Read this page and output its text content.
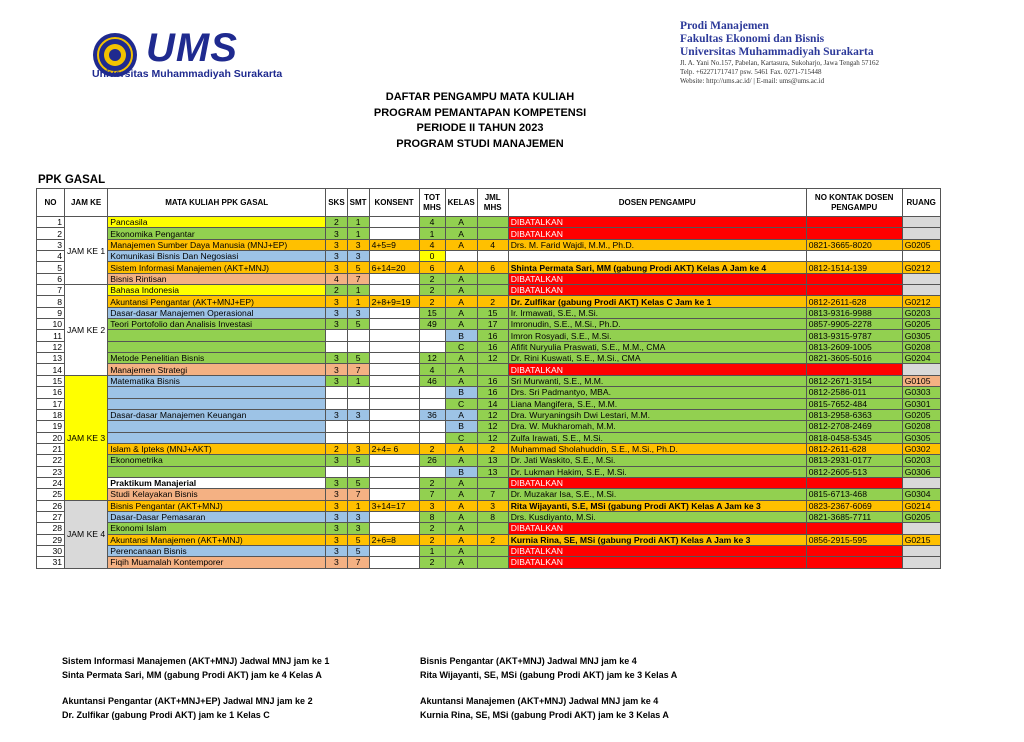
UMS
Universitas Muhammadiyah Surakarta
Prodi Manajemen
Fakultas Ekonomi dan Bisnis
Universitas Muhammadiyah Surakarta
Jl. A. Yani No.157, Pabelan, Kartasura, Sukoharjo, Jawa Tengah 57162
Telp. +62271717417 psw. 5461 Fax. 0271-715448
Website: http://ums.ac.id/ | E-mail: ums@ums.ac.id
DAFTAR PENGAMPU MATA KULIAH
PROGRAM PEMANTAPAN KOMPETENSI
PERIODE II TAHUN 2023
PROGRAM STUDI MANAJEMEN
PPK GASAL
NO	JAM KE	MATA KULIAH PPK GASAL	SKS	SMT	KONSENT	TOT MHS	KELAS	JML MHS	DOSEN PENGAMPU	NO KONTAK DOSEN PENGAMPU	RUANG
1	JAM KE 1	Pancasila	2	1		4	A		DIBATALKAN		
2		Ekonomika Pengantar	3	1		1	A		DIBATALKAN		
3		Manajemen Sumber Daya Manusia (MNJ+EP)	3	3	4+5=9	4	A	4	Drs. M. Farid Wajdi, M.M., Ph.D.	0821-3665-8020	G0205
4		Komunikasi Bisnis Dan Negosiasi	3	3		0					
5		Sistem Informasi Manajemen (AKT+MNJ)	3	5	6+14=20	6	A	6	Shinta Permata Sari, MM (gabung Prodi AKT) Kelas A Jam ke 4	0812-1514-139	G0212
6		Bisnis Rintisan	4	7		2	A		DIBATALKAN		
7	JAM KE 2	Bahasa Indonesia	2	1		2	A		DIBATALKAN		
8		Akuntansi Pengantar (AKT+MNJ+EP)	3	1	2+8+9=19	2	A	2	Dr. Zulfikar (gabung Prodi AKT) Kelas C Jam ke 1	0812-2611-628	G0212
9		Dasar-dasar Manajemen Operasional	3	3		15	A	15	Ir. Irmawati, S.E., M.Si.	0813-9316-9988	G0203
10		Teori Portofolio dan Analisis Investasi	3	5		49	A	17	Imronudin, S.E., M.Si., Ph.D.	0857-9905-2278	G0205
11							B	16	Imron Rosyadi, S.E., M.Si.	0813-9315-9787	G0305
12							C	16	Afifit Nuryulia Praswati, S.E., M.M., CMA	0813-2609-1005	G0208
13		Metode Penelitian Bisnis	3	5		12	A	12	Dr. Rini Kuswati, S.E., M.Si., CMA	0821-3605-5016	G0204
14		Manajemen Strategi	3	7		4	A		DIBATALKAN		
15	JAM KE 3	Matematika Bisnis	3	1		46	A	16	Sri Murwanti, S.E., M.M.	0812-2671-3154	G0105
16							B	16	Drs. Sri Padmantyo, MBA.	0812-2586-011	G0303
17							C	14	Liana Mangifera, S.E., M.M.	0815-7652-484	G0301
18		Dasar-dasar Manajemen Keuangan	3	3		36	A	12	Dra. Wuryaningsih Dwi Lestari, M.M.	0813-2958-6363	G0205
19							B	12	Dra. W. Mukharomah, M.M.	0812-2708-2469	G0208
20							C	12	Zulfa Irawati, S.E., M.Si.	0818-0458-5345	G0305
21		Islam & Ipteks (MNJ+AKT)	2	3	2+4= 6	2	A	2	Muhammad Sholahuddin, S.E., M.Si., Ph.D.	0812-2611-628	G0302
22		Ekonometrika	3	5		26	A	13	Dr. Jati Waskito, S.E., M.Si.	0813-2931-0177	G0203
23							B	13	Dr. Lukman Hakim, S.E., M.Si.	0812-2605-513	G0306
24		Praktikum Manajerial	3	5		2	A		DIBATALKAN		
25		Studi Kelayakan Bisnis	3	7		7	A	7	Dr. Muzakar Isa, S.E., M.Si.	0815-6713-468	G0304
26	JAM KE 4	Bisnis Pengantar (AKT+MNJ)	3	1	3+14=17	3	A	3	Rita Wijayanti, S.E, MSi (gabung Prodi AKT) Kelas A Jam ke 3	0823-2367-6069	G0214
27		Dasar-Dasar Pemasaran	3	3		8	A	8	Drs. Kusdiyanto, M.Si.	0821-3685-7711	G0205
28		Ekonomi Islam	3	3		2	A		DIBATALKAN		
29		Akuntansi Manajemen (AKT+MNJ)	3	5	2+6=8	2	A	2	Kurnia Rina, SE, MSi (gabung Prodi AKT) Kelas A Jam ke 3	0856-2915-595	G0215
30		Perencanaan Bisnis	3	5		1	A		DIBATALKAN		
31		Fiqih Muamalah Kontemporer	3	7		2	A		DIBATALKAN		
Sistem Informasi Manajemen (AKT+MNJ) Jadwal MNJ jam ke 1
Sinta Permata Sari, MM (gabung Prodi AKT) jam ke 4 Kelas A
Bisnis Pengantar (AKT+MNJ) Jadwal MNJ jam ke 4
Rita Wijayanti, SE, MSi (gabung Prodi AKT) jam ke 3 Kelas A
Akuntansi Pengantar (AKT+MNJ+EP) Jadwal MNJ jam ke 2
Dr. Zulfikar (gabung Prodi AKT) jam ke 1 Kelas C
Akuntansi Manajemen (AKT+MNJ) Jadwal MNJ jam ke 4
Kurnia Rina, SE, MSi (gabung Prodi AKT) jam ke 3 Kelas A
